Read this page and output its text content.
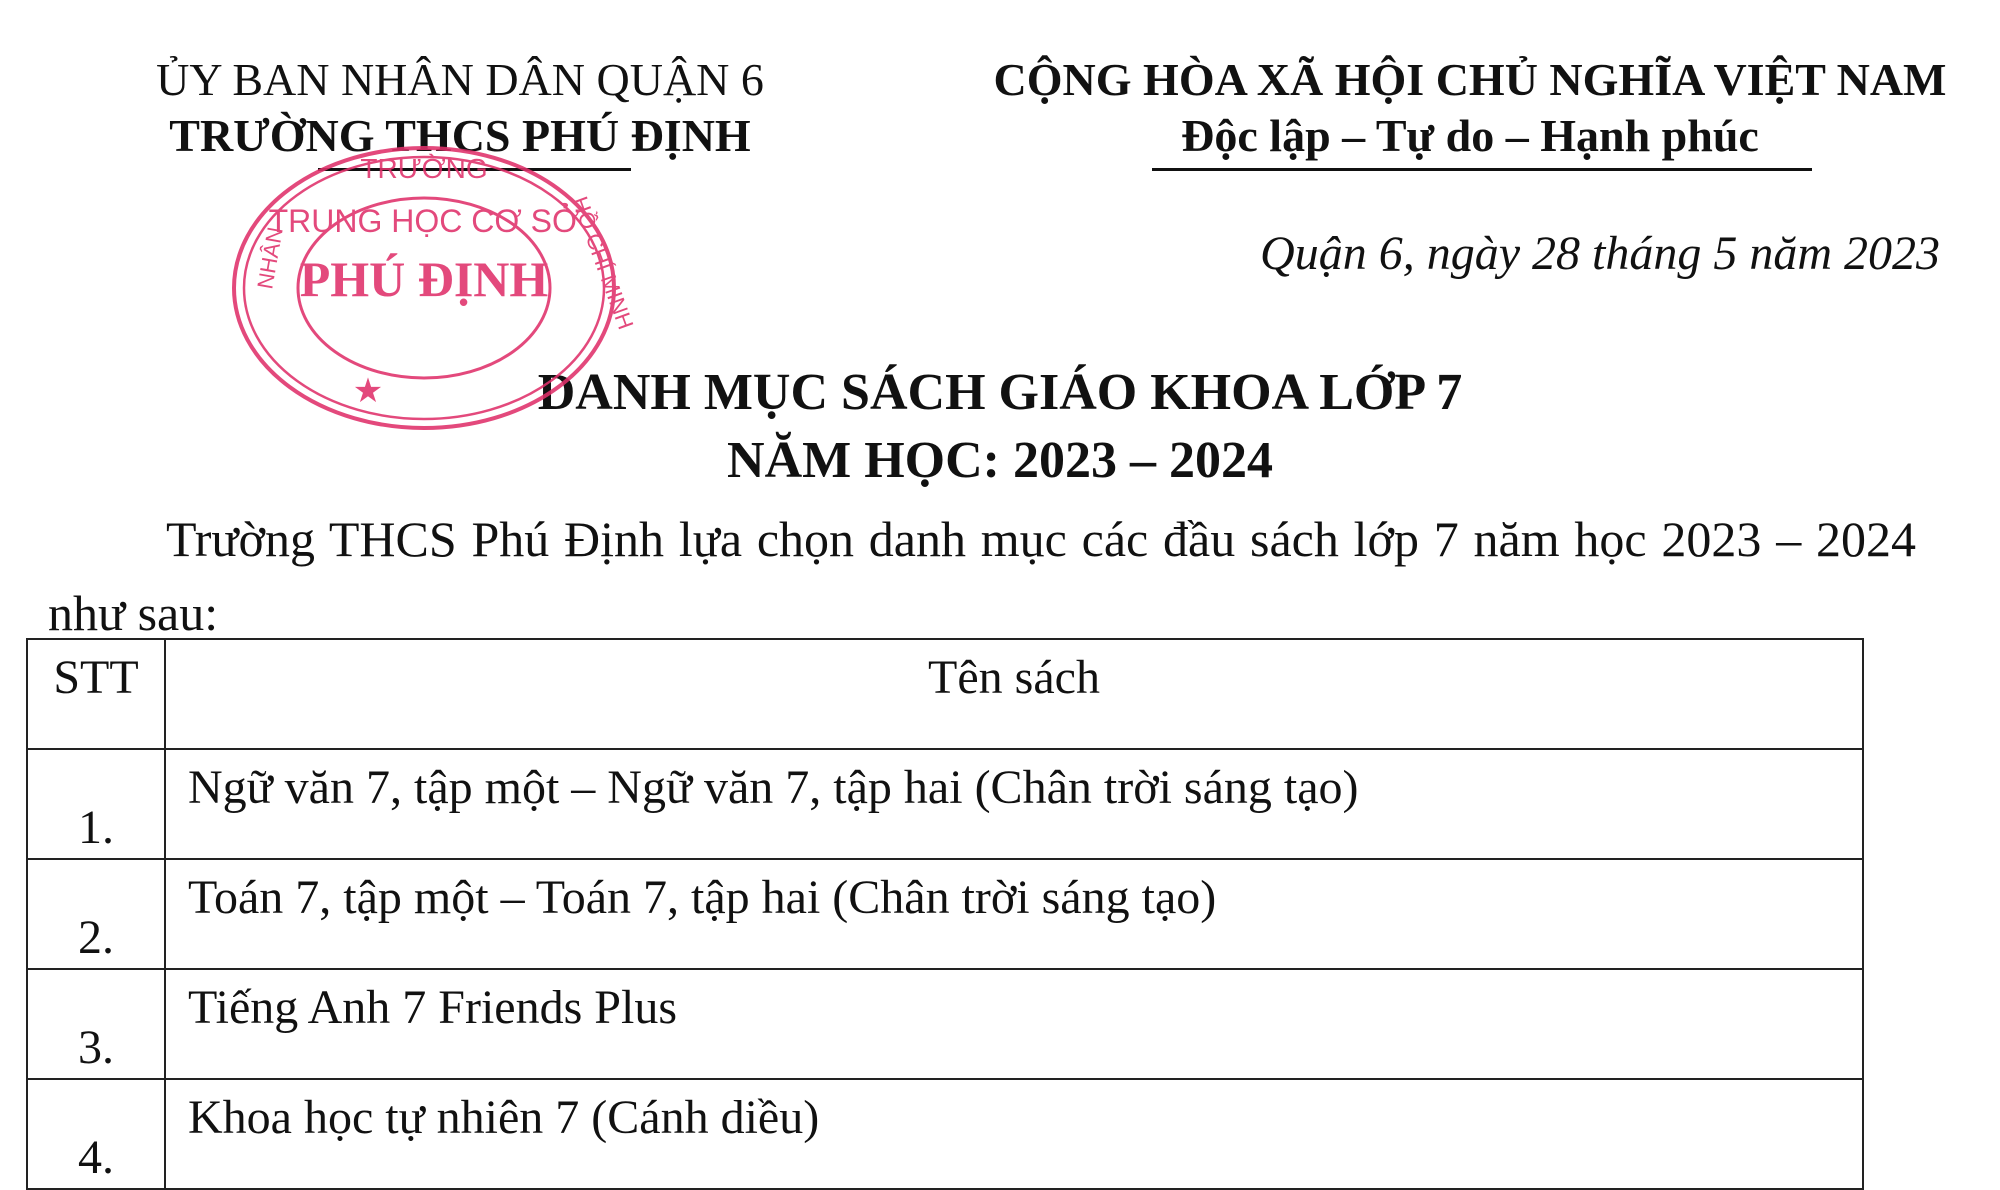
ỦY BAN NHÂN DÂN QUẬN 6
TRƯỜNG THCS PHÚ ĐỊNH
CỘNG HÒA XÃ HỘI CHỦ NGHĨA VIỆT NAM
Độc lập – Tự do – Hạnh phúc
Quận 6, ngày 28 tháng 5 năm 2023
DANH MỤC SÁCH GIÁO KHOA LỚP 7
NĂM HỌC: 2023 – 2024
Trường THCS Phú Định lựa chọn danh mục các đầu sách lớp 7 năm học 2023 – 2024 như sau:
STT	Tên sách
1.	Ngữ văn 7, tập một – Ngữ văn 7, tập hai (Chân trời sáng tạo)
2.	Toán 7, tập một – Toán 7, tập hai (Chân trời sáng tạo)
3.	Tiếng Anh 7 Friends Plus
4.	Khoa học tự nhiên 7 (Cánh diều)
TRƯỜNG
TRUNG HỌC CƠ SỞ
PHÚ ĐỊNH
NHÂN	HỒ CHÍ MINH
★
